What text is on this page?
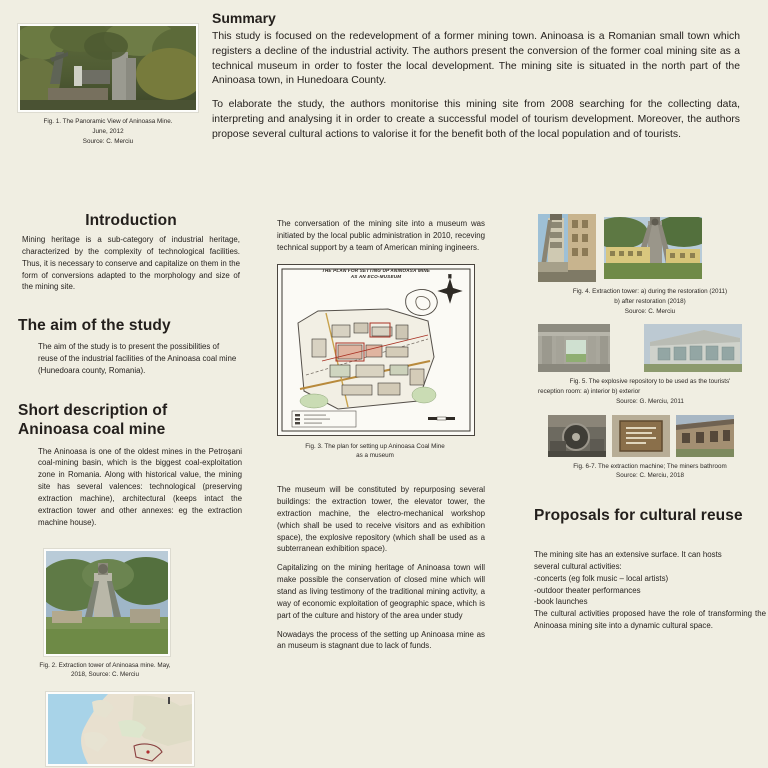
Fig. 1. The Panoramic View of Aninoasa Mine.
June, 2012
Source: C. Merciu
Summary

This study is focused on the redevelopment of a former mining town. Aninoasa is a Romanian small town which registers a decline of the industrial activity. The authors present the conversion of the former coal mining site as a technical museum in order to foster the local development. The mining site is situated in the north part of the Aninoasa town, in Hunedoara County.

To elaborate the study, the authors monitorise this mining site from 2008 searching for the collecting data, interpreting and analysing it in order to create a successful model of tourism development. Moreover, the authors propose several cultural actions to valorise it for the benefit both of the local population and of tourists.

Introduction
Mining heritage is a sub-category of industrial heritage, characterized by the complexity of technological facilities. Thus, it is necessary to conserve and capitalize on them in the form of conversions adapted to the morphology and size of the mining site.
The aim of the study
The aim of the study is to present the possibilities of reuse of the industrial facilities of the Aninoasa coal mine (Hunedoara county, Romania).
Short description of
Aninoasa coal mine
The Aninoasa is one of the oldest mines in the Petroșani coal-mining basin, which is the biggest coal-exploitation zone in Romania. Along with historical value, the mining site has several valences: technological (preserving extraction machine), architectural (keeps intact the extraction tower and other annexes: eg the extraction machine house).
Fig. 2. Extraction tower of Aninoasa mine. May,
2018, Source: C. Merciu
The conversation of the mining site into a museum was initiated by the local public administration in 2010, receving technical support by a team of American mining ingineers.
THE PLAN FOR SETTING UP ANINOASA MINE
AS AN ECO-MUSEUM	N
Fig. 3. The plan for setting up Aninoasa Coal Mine
as a museum
The museum will be constituted by repurposing several buildings: the extraction tower, the elevator tower, the extraction machine, the electro-mechanical workshop (which shall be used to receive visitors and as exhibition space), the explosive repository (which shall be used as a subterranean exhibition space).
Capitalizing on the mining heritage of Aninoasa town will make possible the conservation of closed mine which will stand as living testimony of the traditional mining activity, a way of economic exploitation of geographic space, which is part of the culture and history of the area under study
Nowadays the process of the setting up Aninoasa mine as an museum is stagnant due to lack of funds.
Fig. 4. Extraction tower: a) during the restoration (2011)
b) after restoration (2018)
Source: C. Merciu
Fig. 5. The explosive repository to be used as the tourists'
reception room: a) interior b) exterior
Source: G. Merciu, 2011
Fig. 6-7. The extraction machine; The miners bathroom
Source: C. Merciu, 2018
Proposals for cultural reuse
The mining site has an extensive surface. It can hosts
several cultural activities:
-concerts (eg folk music – local artists)
-outdoor theater performances
-book launches
The cultural activities proposed have the role of transforming the Aninoasa mining site into a dynamic cultural space.
